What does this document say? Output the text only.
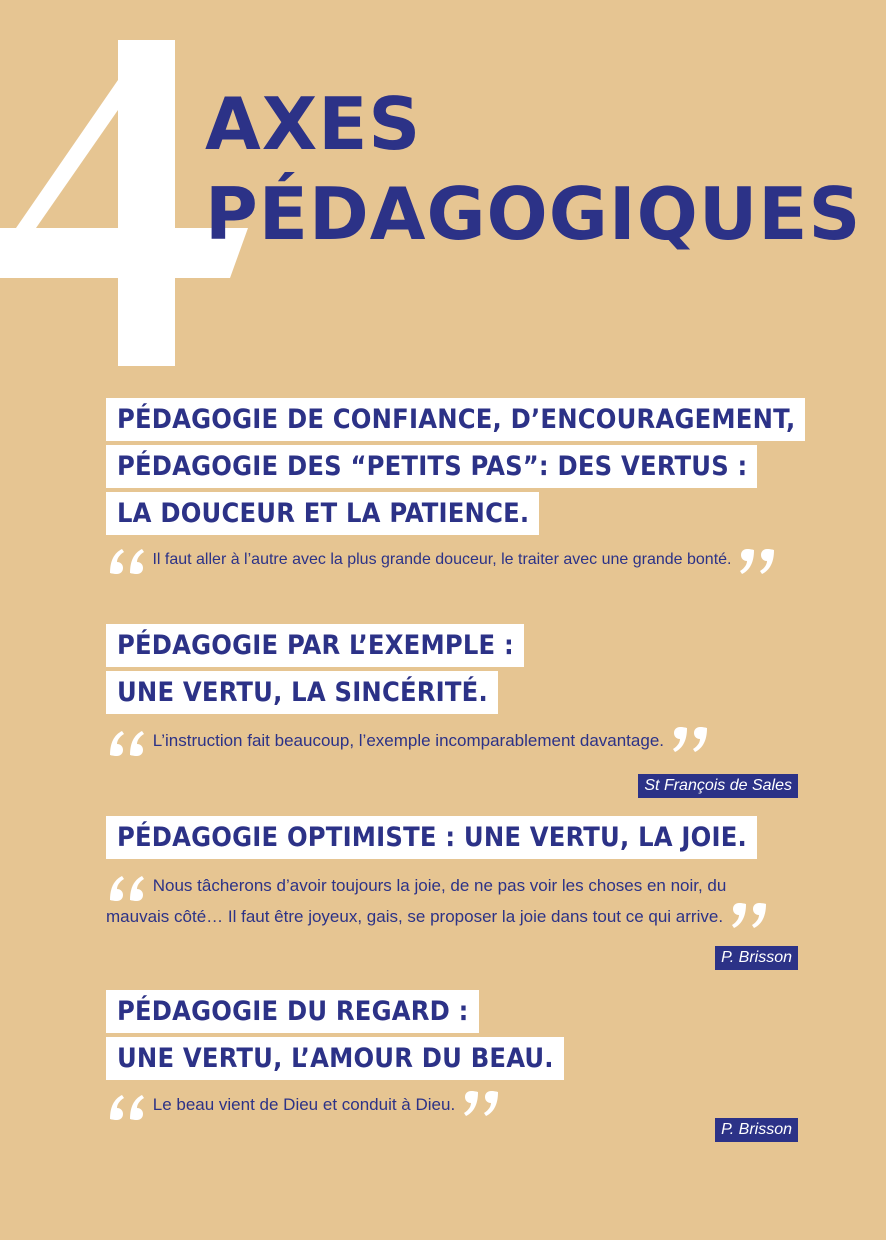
4
AXES
PÉDAGOGIQUES
PÉDAGOGIE DE CONFIANCE, D’ENCOURAGEMENT,
PÉDAGOGIE DES “PETITS PAS”: DES VERTUS :
LA DOUCEUR ET LA PATIENCE.
Il faut aller à l’autre avec la plus grande douceur, le traiter avec une grande bonté.
PÉDAGOGIE PAR L’EXEMPLE :
UNE VERTU, LA SINCÉRITÉ.
L’instruction fait beaucoup, l’exemple incomparablement davantage.
St François de Sales
PÉDAGOGIE OPTIMISTE : UNE VERTU, LA JOIE.
Nous tâcherons d’avoir toujours la joie, de ne pas voir les choses en noir, du mauvais côté… Il faut être joyeux, gais, se proposer la joie dans tout ce qui arrive.
P. Brisson
PÉDAGOGIE DU REGARD :
UNE VERTU, L’AMOUR DU BEAU.
Le beau vient de Dieu et conduit à Dieu.
P. Brisson
